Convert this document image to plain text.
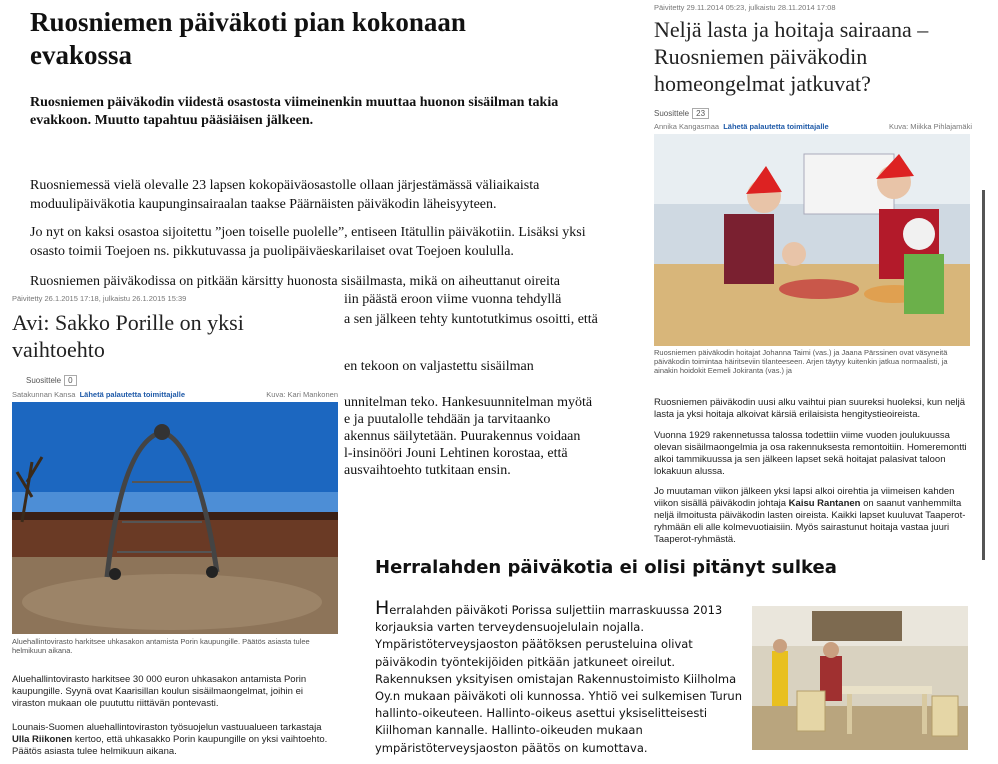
Ruosniemen päiväkoti pian kokonaan evakossa
Ruosniemen päiväkodin viidestä osastosta viimeinenkin muuttaa huonon sisäilman takia evakkoon. Muutto tapahtuu pääsiäisen jälkeen.
Ruosniemessä vielä olevalle 23 lapsen kokopäiväosastolle ollaan järjestämässä väliaikaista moduulipäiväkotia kaupunginsairaalan taakse Päärnäisten päiväkodin läheisyyteen.
Jo nyt on kaksi osastoa sijoitettu ”joen toiselle puolelle”, entiseen Itätullin päiväkotiin. Lisäksi yksi osasto toimii Toejoen ns. pikkutuvassa ja puolipäiväeskarilaiset ovat Toejoen koululla.
Ruosniemen päiväkodissa on pitkään kärsitty huonosta sisäilmasta, mikä on aiheuttanut oireita
iin päästä eroon viime vuonna tehdyllä
a sen jälkeen tehty kuntotutkimus osoitti, että
en tekoon on valjastettu sisäilman
unnitelman teko. Hankesuunnitelman myötä
e ja puutalolle tehdään ja tarvitaanko
akennus säilytetään. Puurakennus voidaan
l-insinööri Jouni Lehtinen korostaa, että
ausvaihtoehto tutkitaan ensin.
Päivitetty 29.11.2014 05:23, julkaistu 28.11.2014 17:08
Neljä lasta ja hoitaja sairaana – Ruosniemen päiväkodin homeongelmat jatkuvat?
Suosittele 23
Annika Kangasmaa Lähetä palautetta toimittajalle	Kuva: Miikka Pihlajamäki
Ruosniemen päiväkodin hoitajat Johanna Taimi (vas.) ja Jaana Pärssinen ovat väsyneitä päiväkodin toimintaa häiritseviin tilanteeseen. Arjen täytyy kuitenkin jatkua normaalisti, ja ainakin hoidokit Eemeli Jokiranta (vas.) ja
Ruosniemen päiväkodin uusi alku vaihtui pian suureksi huoleksi, kun neljä lasta ja yksi hoitaja alkoivat kärsiä erilaisista hengitystieoireista.
Vuonna 1929 rakennetussa talossa todettiin viime vuoden joulukuussa olevan sisäilmaongelmia ja osa rakennuksesta remontoitiin. Homeremontti alkoi tammikuussa ja sen jälkeen lapset sekä hoitajat palasivat taloon lokakuun alussa.
Jo muutaman viikon jälkeen yksi lapsi alkoi oirehtia ja viimeisen kahden viikon sisällä päiväkodin johtaja Kaisu Rantanen on saanut vanhemmilta neljä ilmoitusta päiväkodin lasten oireista. Kaikki lapset kuuluvat Taaperot-ryhmään eli alle kolmevuotiaisiin. Myös sairastunut hoitaja vastaa juuri Taaperot-ryhmästä.
Päivitetty 26.1.2015 17:18, julkaistu 26.1.2015 15:39
Avi: Sakko Porille on yksi vaihtoehto
Suosittele 0
Satakunnan Kansa Lähetä palautetta toimittajalle	Kuva: Kari Mankonen
Aluehallintovirasto harkitsee uhkasakon antamista Porin kaupungille. Päätös asiasta tulee helmikuun aikana.
Aluehallintovirasto harkitsee 30 000 euron uhkasakon antamista Porin kaupungille. Syynä ovat Kaarisillan koulun sisäilmaongelmat, joihin ei viraston mukaan ole puututtu riittävän pontevasti.
Lounais-Suomen aluehallintoviraston työsuojelun vastuualueen tarkastaja Ulla Riikonen kertoo, että uhkasakko Porin kaupungille on yksi vaihtoehto. Päätös asiasta tulee helmikuun aikana.
Herralahden päiväkotia ei olisi pitänyt sulkea
Herralahden päiväkoti Porissa suljettiin marraskuussa 2013
korjauksia varten terveydensuojelulain nojalla.
Ympäristöterveysjaoston päätöksen perusteluina olivat
päiväkodin työntekijöiden pitkään jatkuneet oireilut.
Rakennuksen yksityisen omistajan Rakennustoimisto Kiilholma
Oy.n mukaan päiväkoti oli kunnossa. Yhtiö vei sulkemisen Turun
hallinto-oikeuteen. Hallinto-oikeus asettui yksiselitteisesti
Kiilhoman kannalle. Hallinto-oikeuden mukaan
ympäristöterveysjaoston päätös on kumottava.
